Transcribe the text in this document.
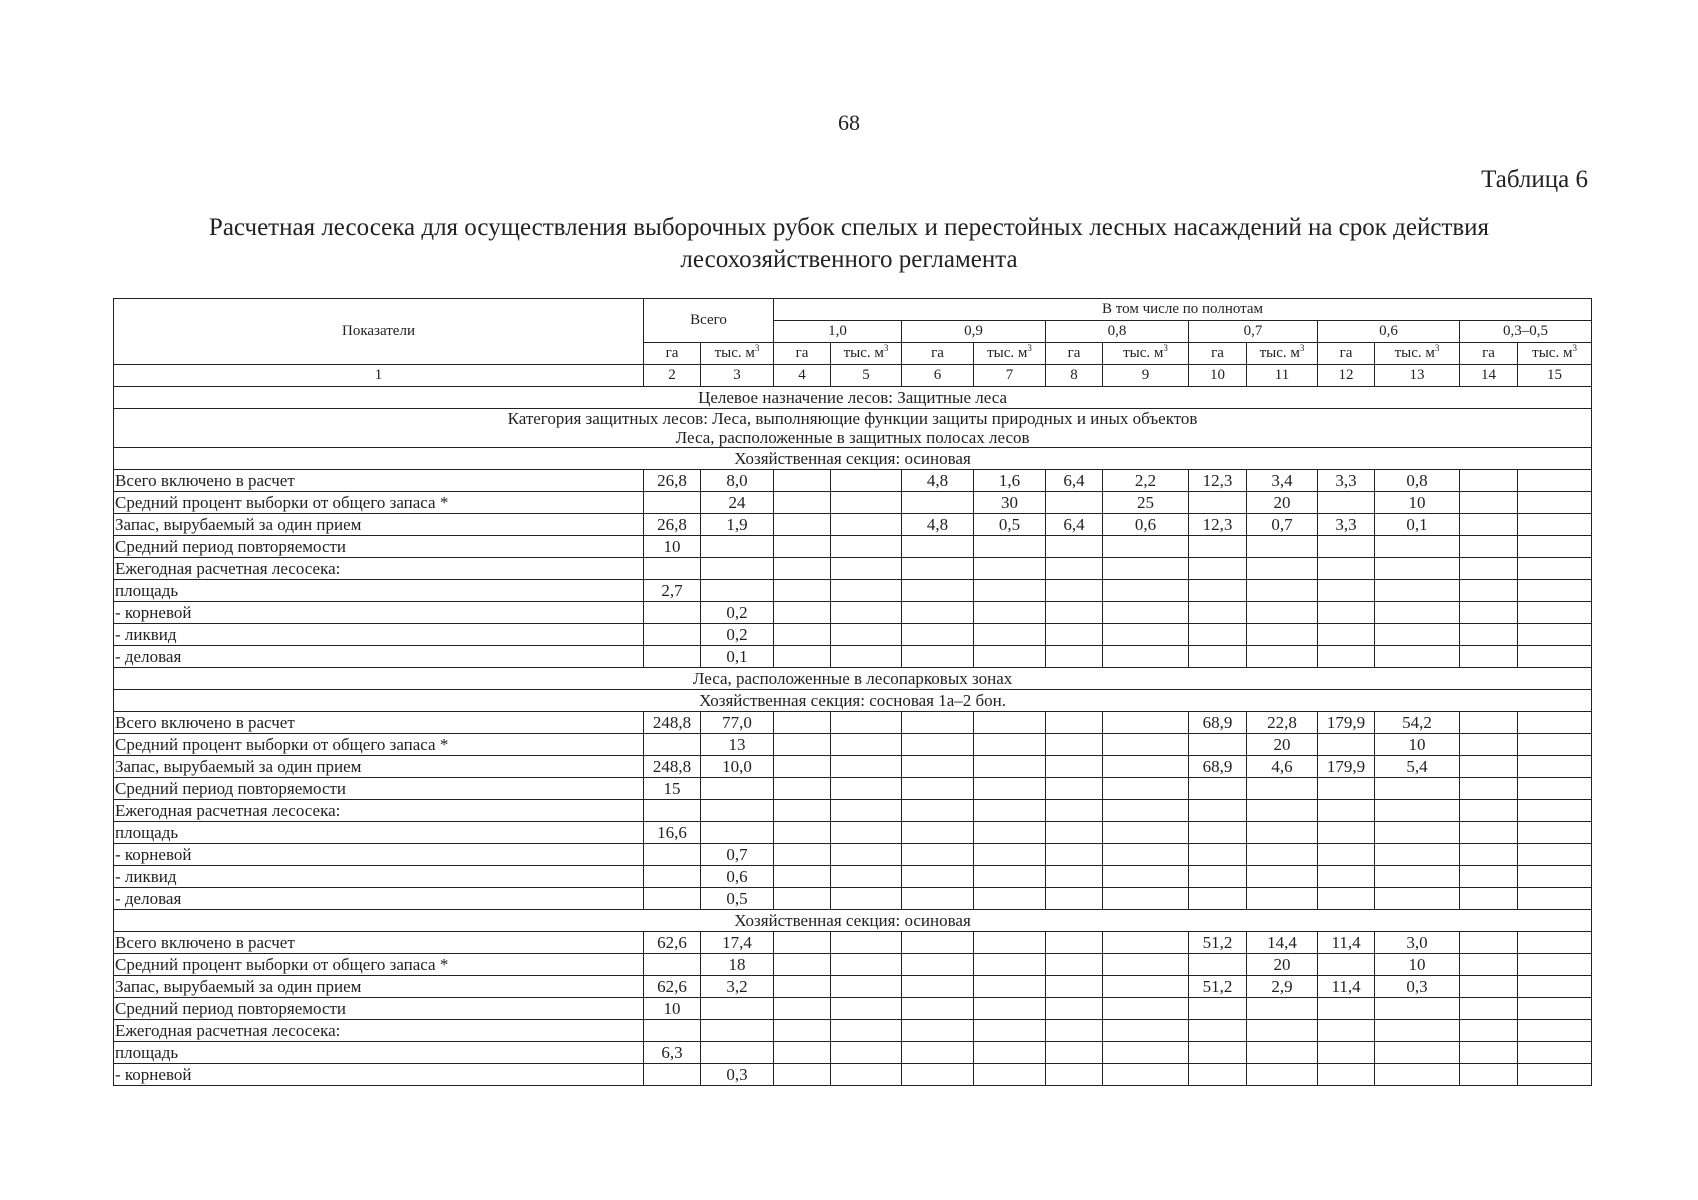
68
Таблица 6
Расчетная лесосека для осуществления выборочных рубок спелых и перестойных лесных насаждений на срок действия лесохозяйственного регламента
Показатели	Всего		В том числе по полнотам											
			1,0		0,9		0,8		0,7		0,6		0,3–0,5	
	га	тыс. $м^3$	га	тыс. $м^3$	га	тыс. $м^3$	га	тыс. $м^3$	га	тыс. $м^3$	га	тыс. $м^3$	га	тыс. $м^3$
1	2	3	4	5	6	7	8	9	10	11	12	13	14	15
Целевое назначение лесов: Защитные леса														

Категория защитных лесов: Леса, выполняющие функции защиты природных и иных объектов
Леса, расположенные в защитных полосах лесов														

Хозяйственная секция: осиновая														
Всего включено в расчет	26,8	8,0			4,8	1,6	6,4	2,2	12,3	3,4	3,3	0,8		
Средний процент выборки от общего запаса *		24				30		25		20		10		
Запас, вырубаемый за один прием	26,8	1,9			4,8	0,5	6,4	0,6	12,3	0,7	3,3	0,1		
Средний период повторяемости	10													
Ежегодная расчетная лесосека:														
площадь	2,7													
- корневой		0,2												
- ликвид		0,2												
- деловая		0,1												
Леса, расположенные в лесопарковых зонах														
Хозяйственная секция: сосновая 1а–2 бон.														
Всего включено в расчет	248,8	77,0							68,9	22,8	179,9	54,2		
Средний процент выборки от общего запаса *		13								20		10		
Запас, вырубаемый за один прием	248,8	10,0							68,9	4,6	179,9	5,4		
Средний период повторяемости	15													
Ежегодная расчетная лесосека:														
площадь	16,6													
- корневой		0,7												
- ликвид		0,6												
- деловая		0,5												
Хозяйственная секция: осиновая														
Всего включено в расчет	62,6	17,4							51,2	14,4	11,4	3,0		
Средний процент выборки от общего запаса *		18								20		10		
Запас, вырубаемый за один прием	62,6	3,2							51,2	2,9	11,4	0,3		
Средний период повторяемости	10													
Ежегодная расчетная лесосека:														
площадь	6,3													
- корневой		0,3												
